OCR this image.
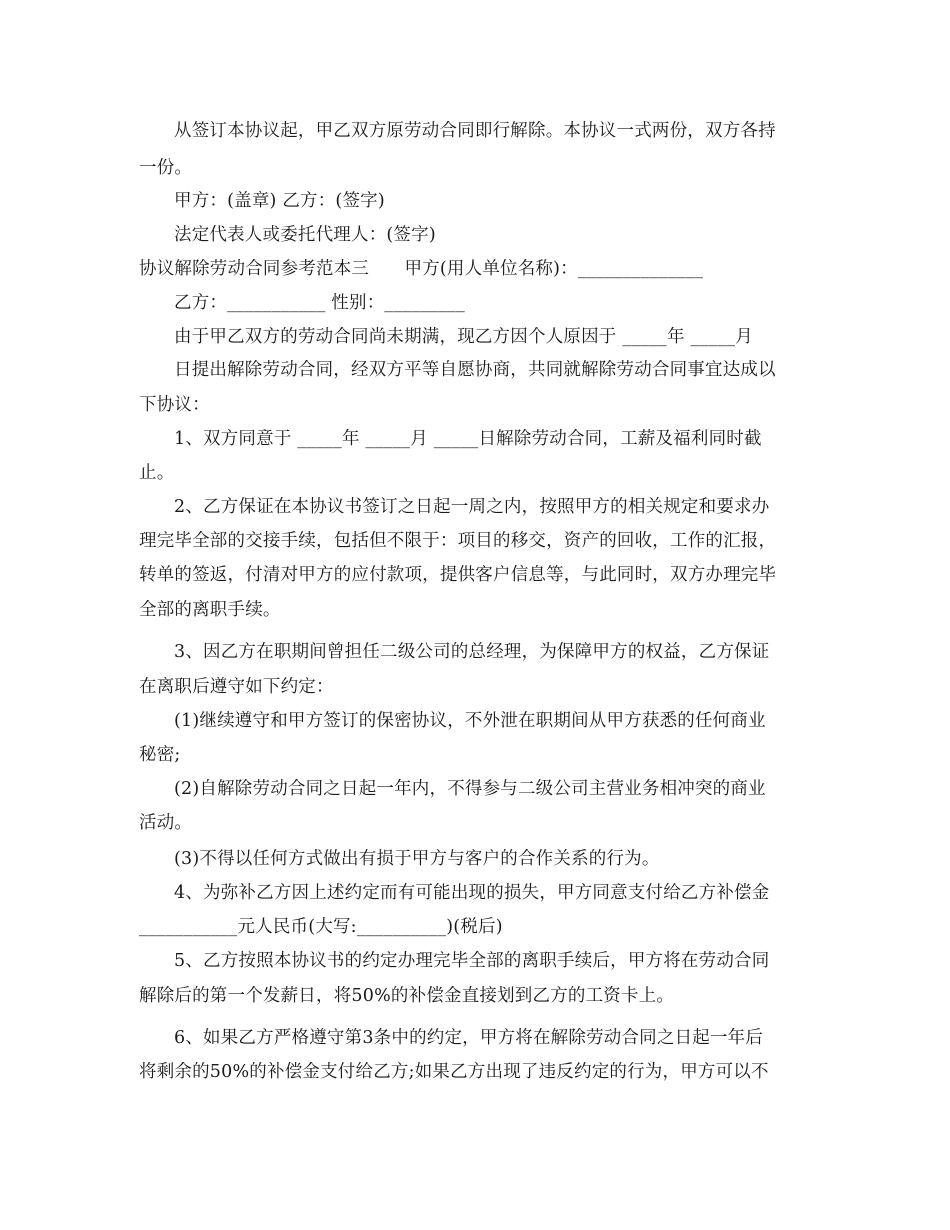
从签订本协议起，甲乙双方原劳动合同即行解除。本协议一式两份，双方各持
一份。
甲方：(盖章) 乙方：(签字)
法定代表人或委托代理人：(签字)
协议解除劳动合同参考范本三　　甲方(用人单位名称)：______________
乙方：___________ 性别：_________
由于甲乙双方的劳动合同尚未期满，现乙方因个人原因于 _____年 _____月
日提出解除劳动合同，经双方平等自愿协商，共同就解除劳动合同事宜达成以
下协议：
1、双方同意于 _____年 _____月 _____日解除劳动合同，工薪及福利同时截
止。
2、乙方保证在本协议书签订之日起一周之内，按照甲方的相关规定和要求办
理完毕全部的交接手续，包括但不限于：项目的移交，资产的回收，工作的汇报，
转单的签返，付清对甲方的应付款项，提供客户信息等，与此同时，双方办理完毕
全部的离职手续。
3、因乙方在职期间曾担任二级公司的总经理，为保障甲方的权益，乙方保证
在离职后遵守如下约定：
(1)继续遵守和甲方签订的保密协议，不外泄在职期间从甲方获悉的任何商业
秘密;
(2)自解除劳动合同之日起一年内，不得参与二级公司主营业务相冲突的商业
活动。
(3)不得以任何方式做出有损于甲方与客户的合作关系的行为。
4、为弥补乙方因上述约定而有可能出现的损失，甲方同意支付给乙方补偿金
___________元人民币(大写:__________)(税后)
5、乙方按照本协议书的约定办理完毕全部的离职手续后，甲方将在劳动合同
解除后的第一个发薪日，将50%的补偿金直接划到乙方的工资卡上。
6、如果乙方严格遵守第3条中的约定，甲方将在解除劳动合同之日起一年后
将剩余的50%的补偿金支付给乙方;如果乙方出现了违反约定的行为，甲方可以不
